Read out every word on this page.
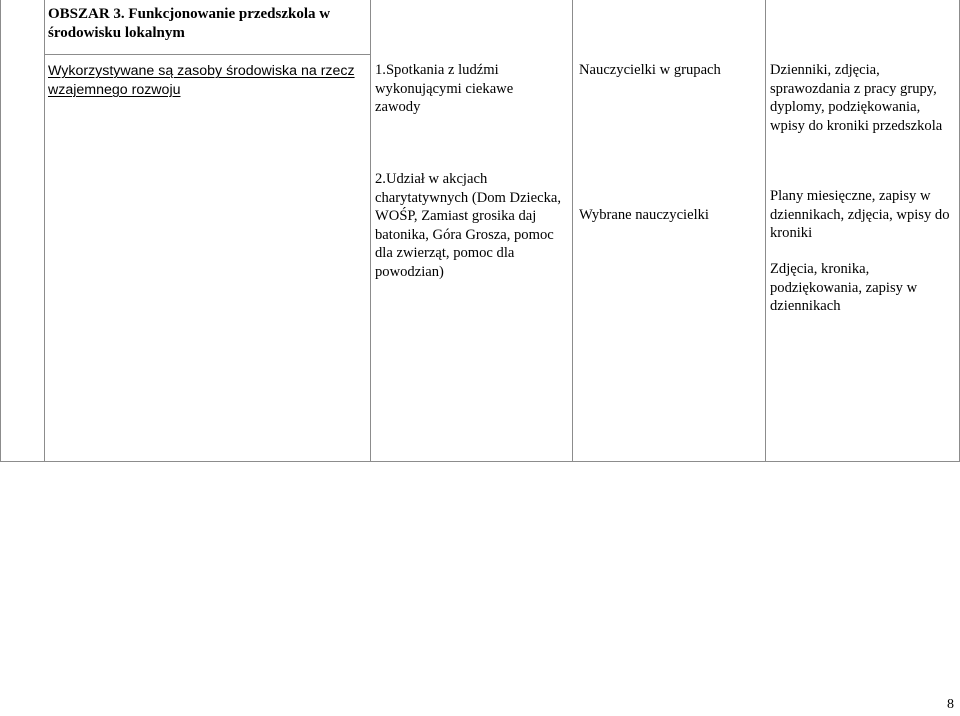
OBSZAR 3. Funkcjonowanie przedszkola w środowisku lokalnym
Wykorzystywane są zasoby środowiska na rzecz wzajemnego rozwoju
1.Spotkania z ludźmi wykonującymi ciekawe zawody
Nauczycielki w grupach	Dzienniki, zdjęcia, sprawozdania z pracy grupy, dyplomy, podziękowania, wpisy do kroniki przedszkola
2.Udział w akcjach charytatywnych (Dom Dziecka, WOŚP, Zamiast grosika daj batonika, Góra Grosza, pomoc dla zwierząt, pomoc dla powodzian)
Wybrane nauczycielki
Plany miesięczne, zapisy w dziennikach, zdjęcia, wpisy do kroniki
Zdjęcia, kronika, podziękowania, zapisy w dziennikach
8
